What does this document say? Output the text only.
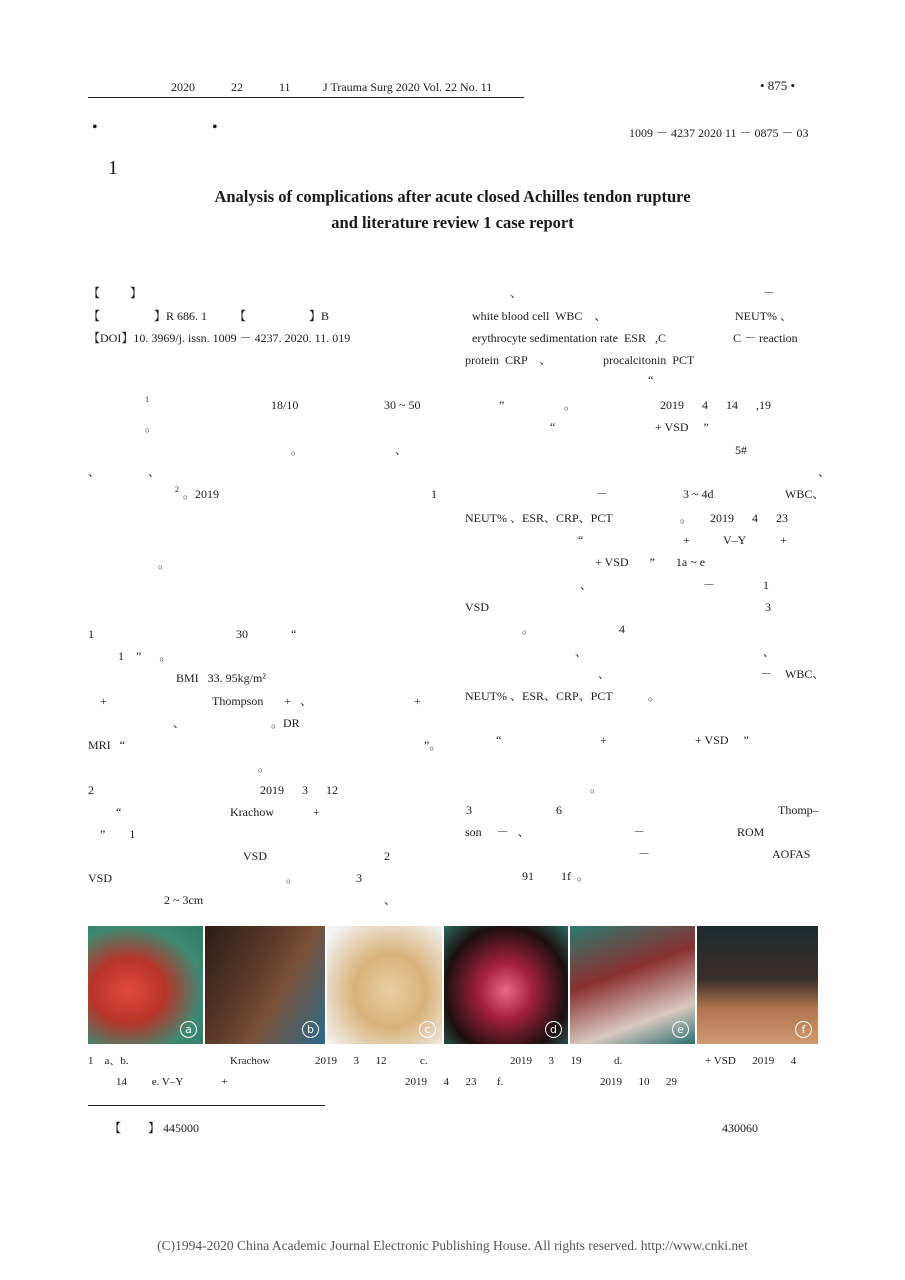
2020	22	11	J Trauma Surg 2020 Vol. 22 No. 11	• 875 •
•	•	1009 － 4237 2020 11 － 0875 － 03
1
Analysis of complications after acute closed Achilles tendon rupture
and literature review 1 case report
【          】
【                  】R 686. 1         【                     】B
【DOI】10. 3969/j. issn. 1009 － 4237. 2020. 11. 019
1	18/10	30 ~ 50
。
。	、
、	、
2 。2019	1
。
1	30	“
1    ”      。
BMI   33. 95kg/m²
+	Thompson       +   、	+
、	。DR
MRI   “	”。
。
2	2019      3      12
“	Krachow             +
”        1
VSD	2
VSD	。	3
2 ~ 3cm	、
、	－
white blood cell  WBC    、	NEUT% 、
erythrocyte sedimentation rate  ESR   ,C	C － reaction
protein  CRP    、	procalcitonin  PCT
“
”	。	2019      4      14      ,19
“	+ VSD     ”
5#
、
－	3 ~ 4d	WBC、
NEUT% 、ESR、CRP、PCT	。 2019      4      23
“	+	V–Y	+
+ VSD       ”       1a ~ e
、	－	1
VSD	3
。	4
、	、
、	－ WBC、
NEUT% 、ESR、CRP、PCT	。
“	+	+ VSD     ”
。
3	6	Thomp–
son     －   、	－	ROM
－	AOFAS
91         1f  。
a	b	c	d	e	f
1    a、b.	Krachow	2019      3      12	c.	2019      3      19	d.	+ VSD      2019      4
14         e. V–Y              +	2019      4      23 f.	2019      10      29
【         】 445000	430060
(C)1994-2020 China Academic Journal Electronic Publishing House. All rights reserved. http://www.cnki.net
